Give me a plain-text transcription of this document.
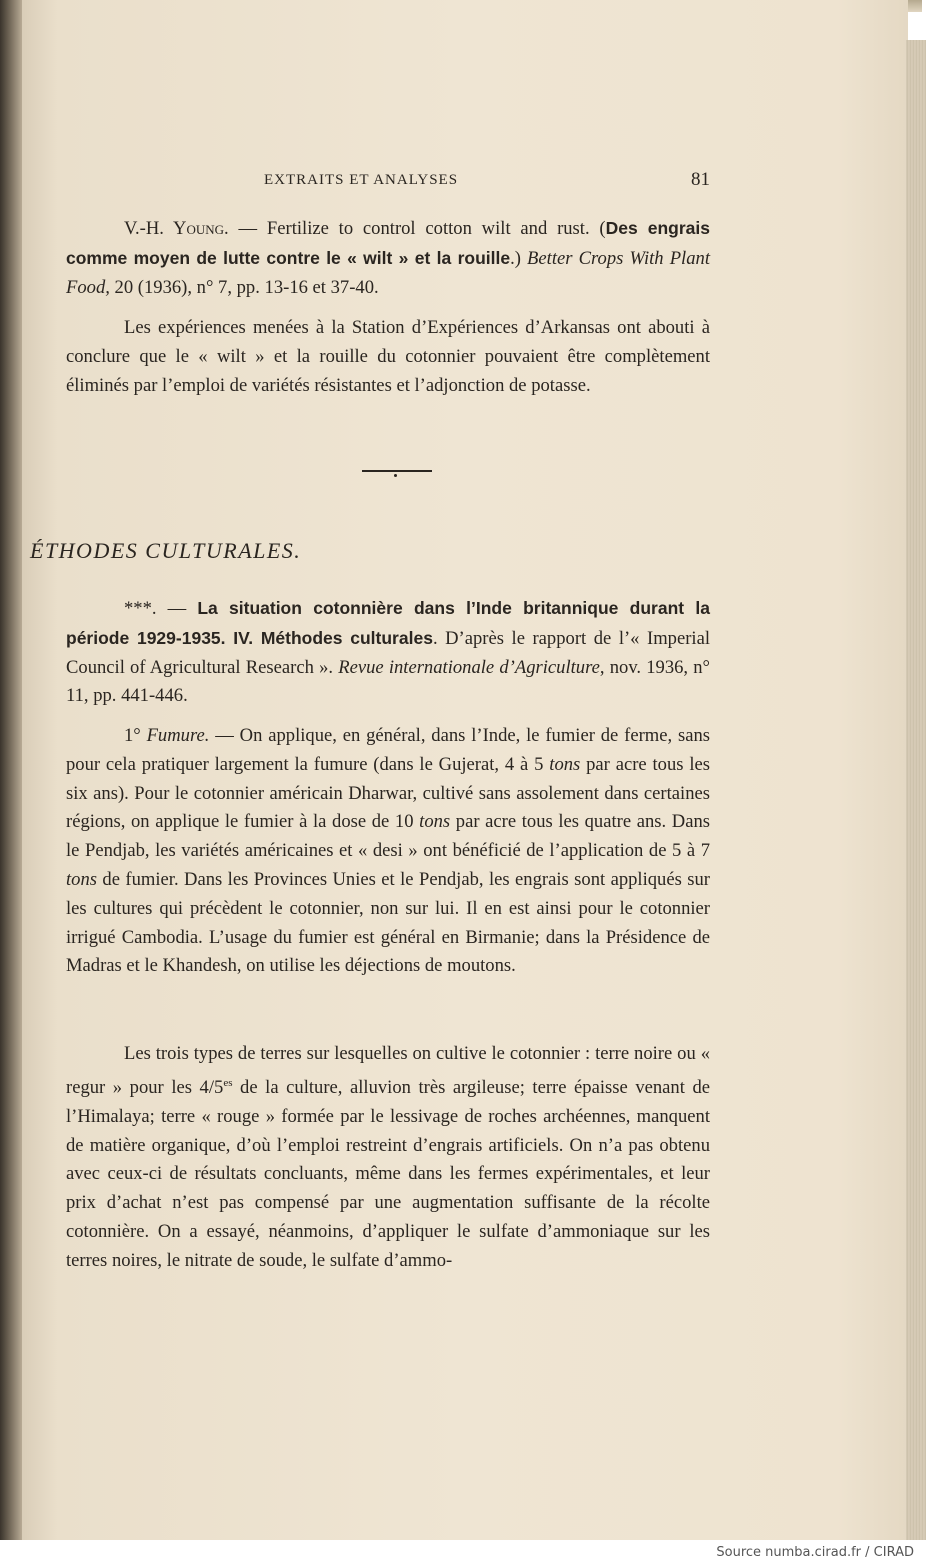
EXTRAITS ET ANALYSES	81
V.-H. Young. — Fertilize to control cotton wilt and rust. (Des engrais comme moyen de lutte contre le « wilt » et la rouille.) Better Crops With Plant Food, 20 (1936), n° 7, pp. 13-16 et 37-40.
Les expériences menées à la Station d’Expériences d’Arkansas ont abouti à conclure que le « wilt » et la rouille du cotonnier pouvaient être complètement éliminés par l’emploi de variétés résistantes et l’adjonction de potasse.
ÉTHODES CULTURALES.
***. — La situation cotonnière dans l’Inde britannique durant la période 1929-1935. IV. Méthodes culturales. D’après le rapport de l’« Imperial Council of Agricultural Research ». Revue internationale d’Agriculture, nov. 1936, n° 11, pp. 441-446.
1° Fumure. — On applique, en général, dans l’Inde, le fumier de ferme, sans pour cela pratiquer largement la fumure (dans le Gujerat, 4 à 5 tons par acre tous les six ans). Pour le cotonnier américain Dharwar, cultivé sans assolement dans certaines régions, on applique le fumier à la dose de 10 tons par acre tous les quatre ans. Dans le Pendjab, les variétés américaines et « desi » ont bénéficié de l’application de 5 à 7 tons de fumier. Dans les Provinces Unies et le Pendjab, les engrais sont appliqués sur les cultures qui précèdent le cotonnier, non sur lui. Il en est ainsi pour le cotonnier irrigué Cambodia. L’usage du fumier est général en Birmanie; dans la Présidence de Madras et le Khandesh, on utilise les déjections de moutons.
Les trois types de terres sur lesquelles on cultive le cotonnier : terre noire ou « regur » pour les $4/5^{es}$ de la culture, alluvion très argileuse; terre épaisse venant de l’Himalaya; terre « rouge » formée par le lessivage de roches archéennes, manquent de matière organique, d’où l’emploi restreint d’engrais artificiels. On n’a pas obtenu avec ceux-ci de résultats concluants, même dans les fermes expérimentales, et leur prix d’achat n’est pas compensé par une augmentation suffisante de la récolte cotonnière. On a essayé, néanmoins, d’appliquer le sulfate d’ammoniaque sur les terres noires, le nitrate de soude, le sulfate d’ammo-
Source numba.cirad.fr / CIRAD
